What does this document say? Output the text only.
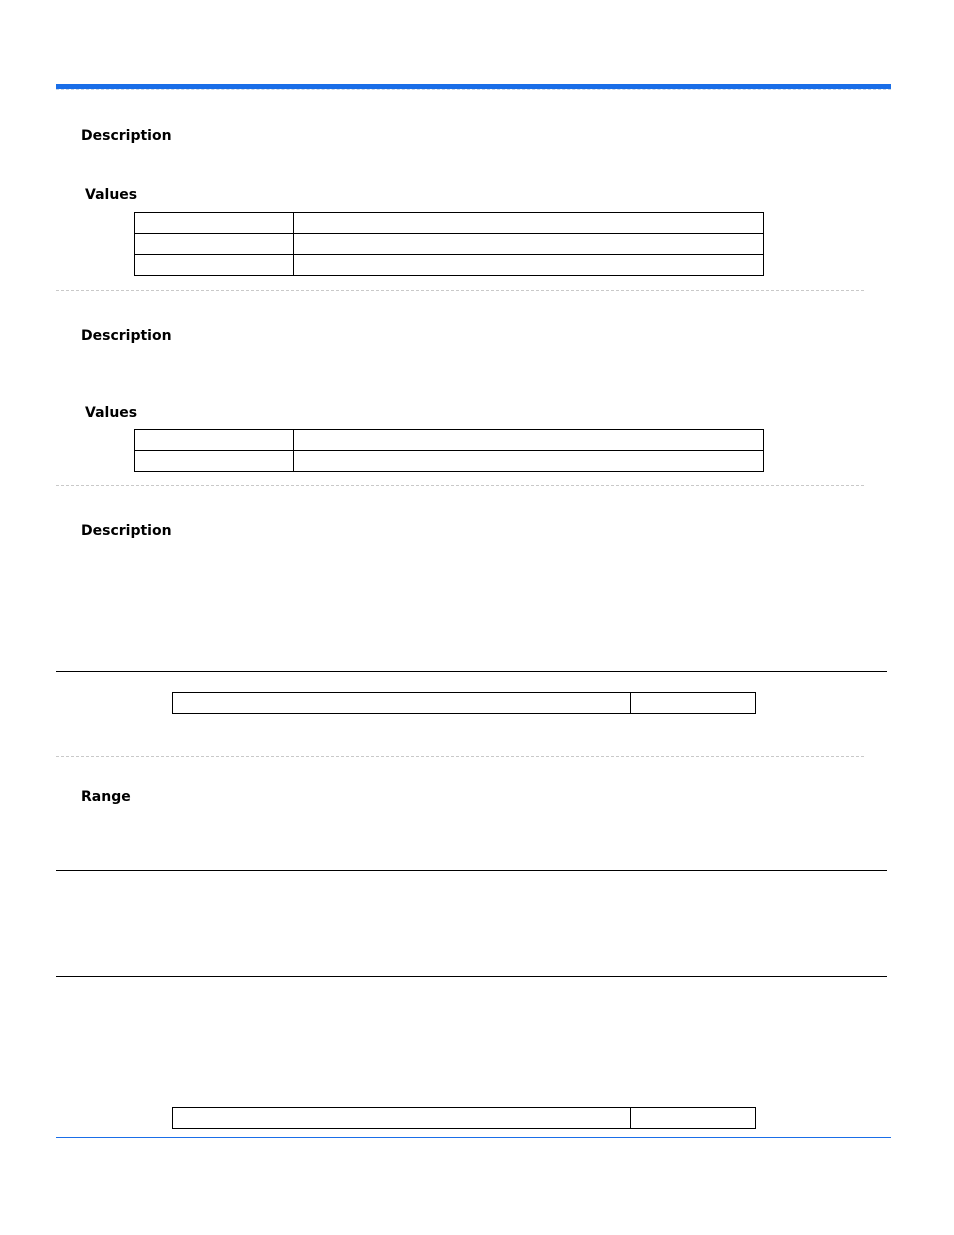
Description
Values

Description
Values

Description

Range
